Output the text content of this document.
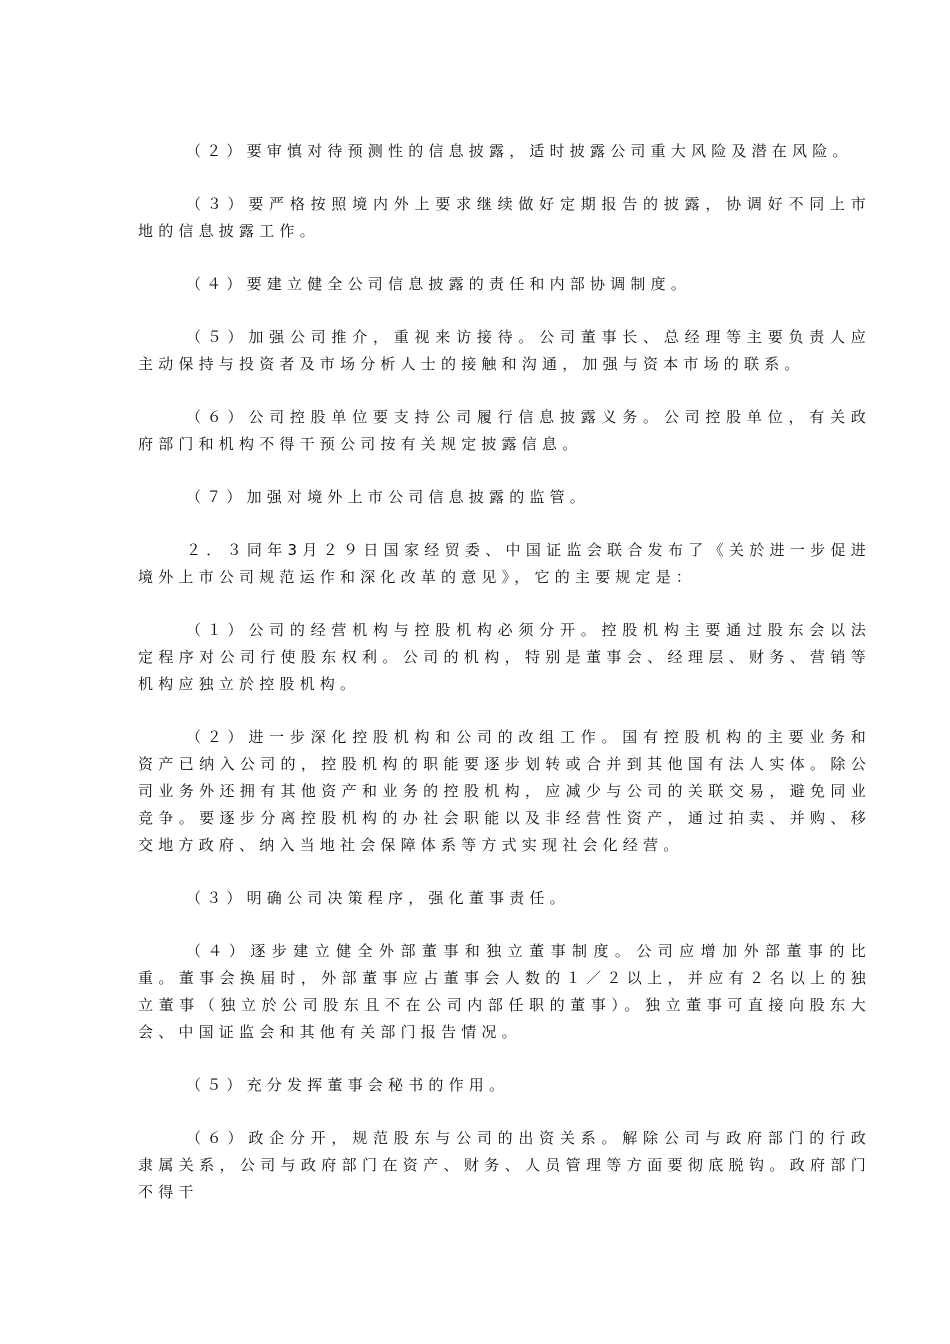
（２）要审慎对待预测性的信息披露，适时披露公司重大风险及潜在风险。

（３）要严格按照境内外上要求继续做好定期报告的披露，协调好不同上市地的信息披露工作。

（４）要建立健全公司信息披露的责任和内部协调制度。

（５）加强公司推介，重视来访接待。公司董事长、总经理等主要负责人应主动保持与投资者及市场分析人士的接触和沟通，加强与资本市场的联系。

（６）公司控股单位要支持公司履行信息披露义务。公司控股单位，有关政府部门和机构不得干预公司按有关规定披露信息。

（７）加强对境外上市公司信息披露的监管。

２．３同年3月２９日国家经贸委、中国证监会联合发布了《关於进一步促进境外上市公司规范运作和深化改革的意见》，它的主要规定是：

（１）公司的经营机构与控股机构必须分开。控股机构主要通过股东会以法定程序对公司行使股东权利。公司的机构，特别是董事会、经理层、财务、营销等机构应独立於控股机构。

（２）进一步深化控股机构和公司的改组工作。国有控股机构的主要业务和资产已纳入公司的，控股机构的职能要逐步划转或合并到其他国有法人实体。除公司业务外还拥有其他资产和业务的控股机构，应减少与公司的关联交易，避免同业竞争。要逐步分离控股机构的办社会职能以及非经营性资产，通过拍卖、并购、移交地方政府、纳入当地社会保障体系等方式实现社会化经营。

（３）明确公司决策程序，强化董事责任。

（４）逐步建立健全外部董事和独立董事制度。公司应增加外部董事的比重。董事会换届时，外部董事应占董事会人数的１／２以上，并应有２名以上的独立董事（独立於公司股东且不在公司内部任职的董事）。独立董事可直接向股东大会、中国证监会和其他有关部门报告情况。

（５）充分发挥董事会秘书的作用。

（６）政企分开，规范股东与公司的出资关系。解除公司与政府部门的行政隶属关系，公司与政府部门在资产、财务、人员管理等方面要彻底脱钩。政府部门不得干
